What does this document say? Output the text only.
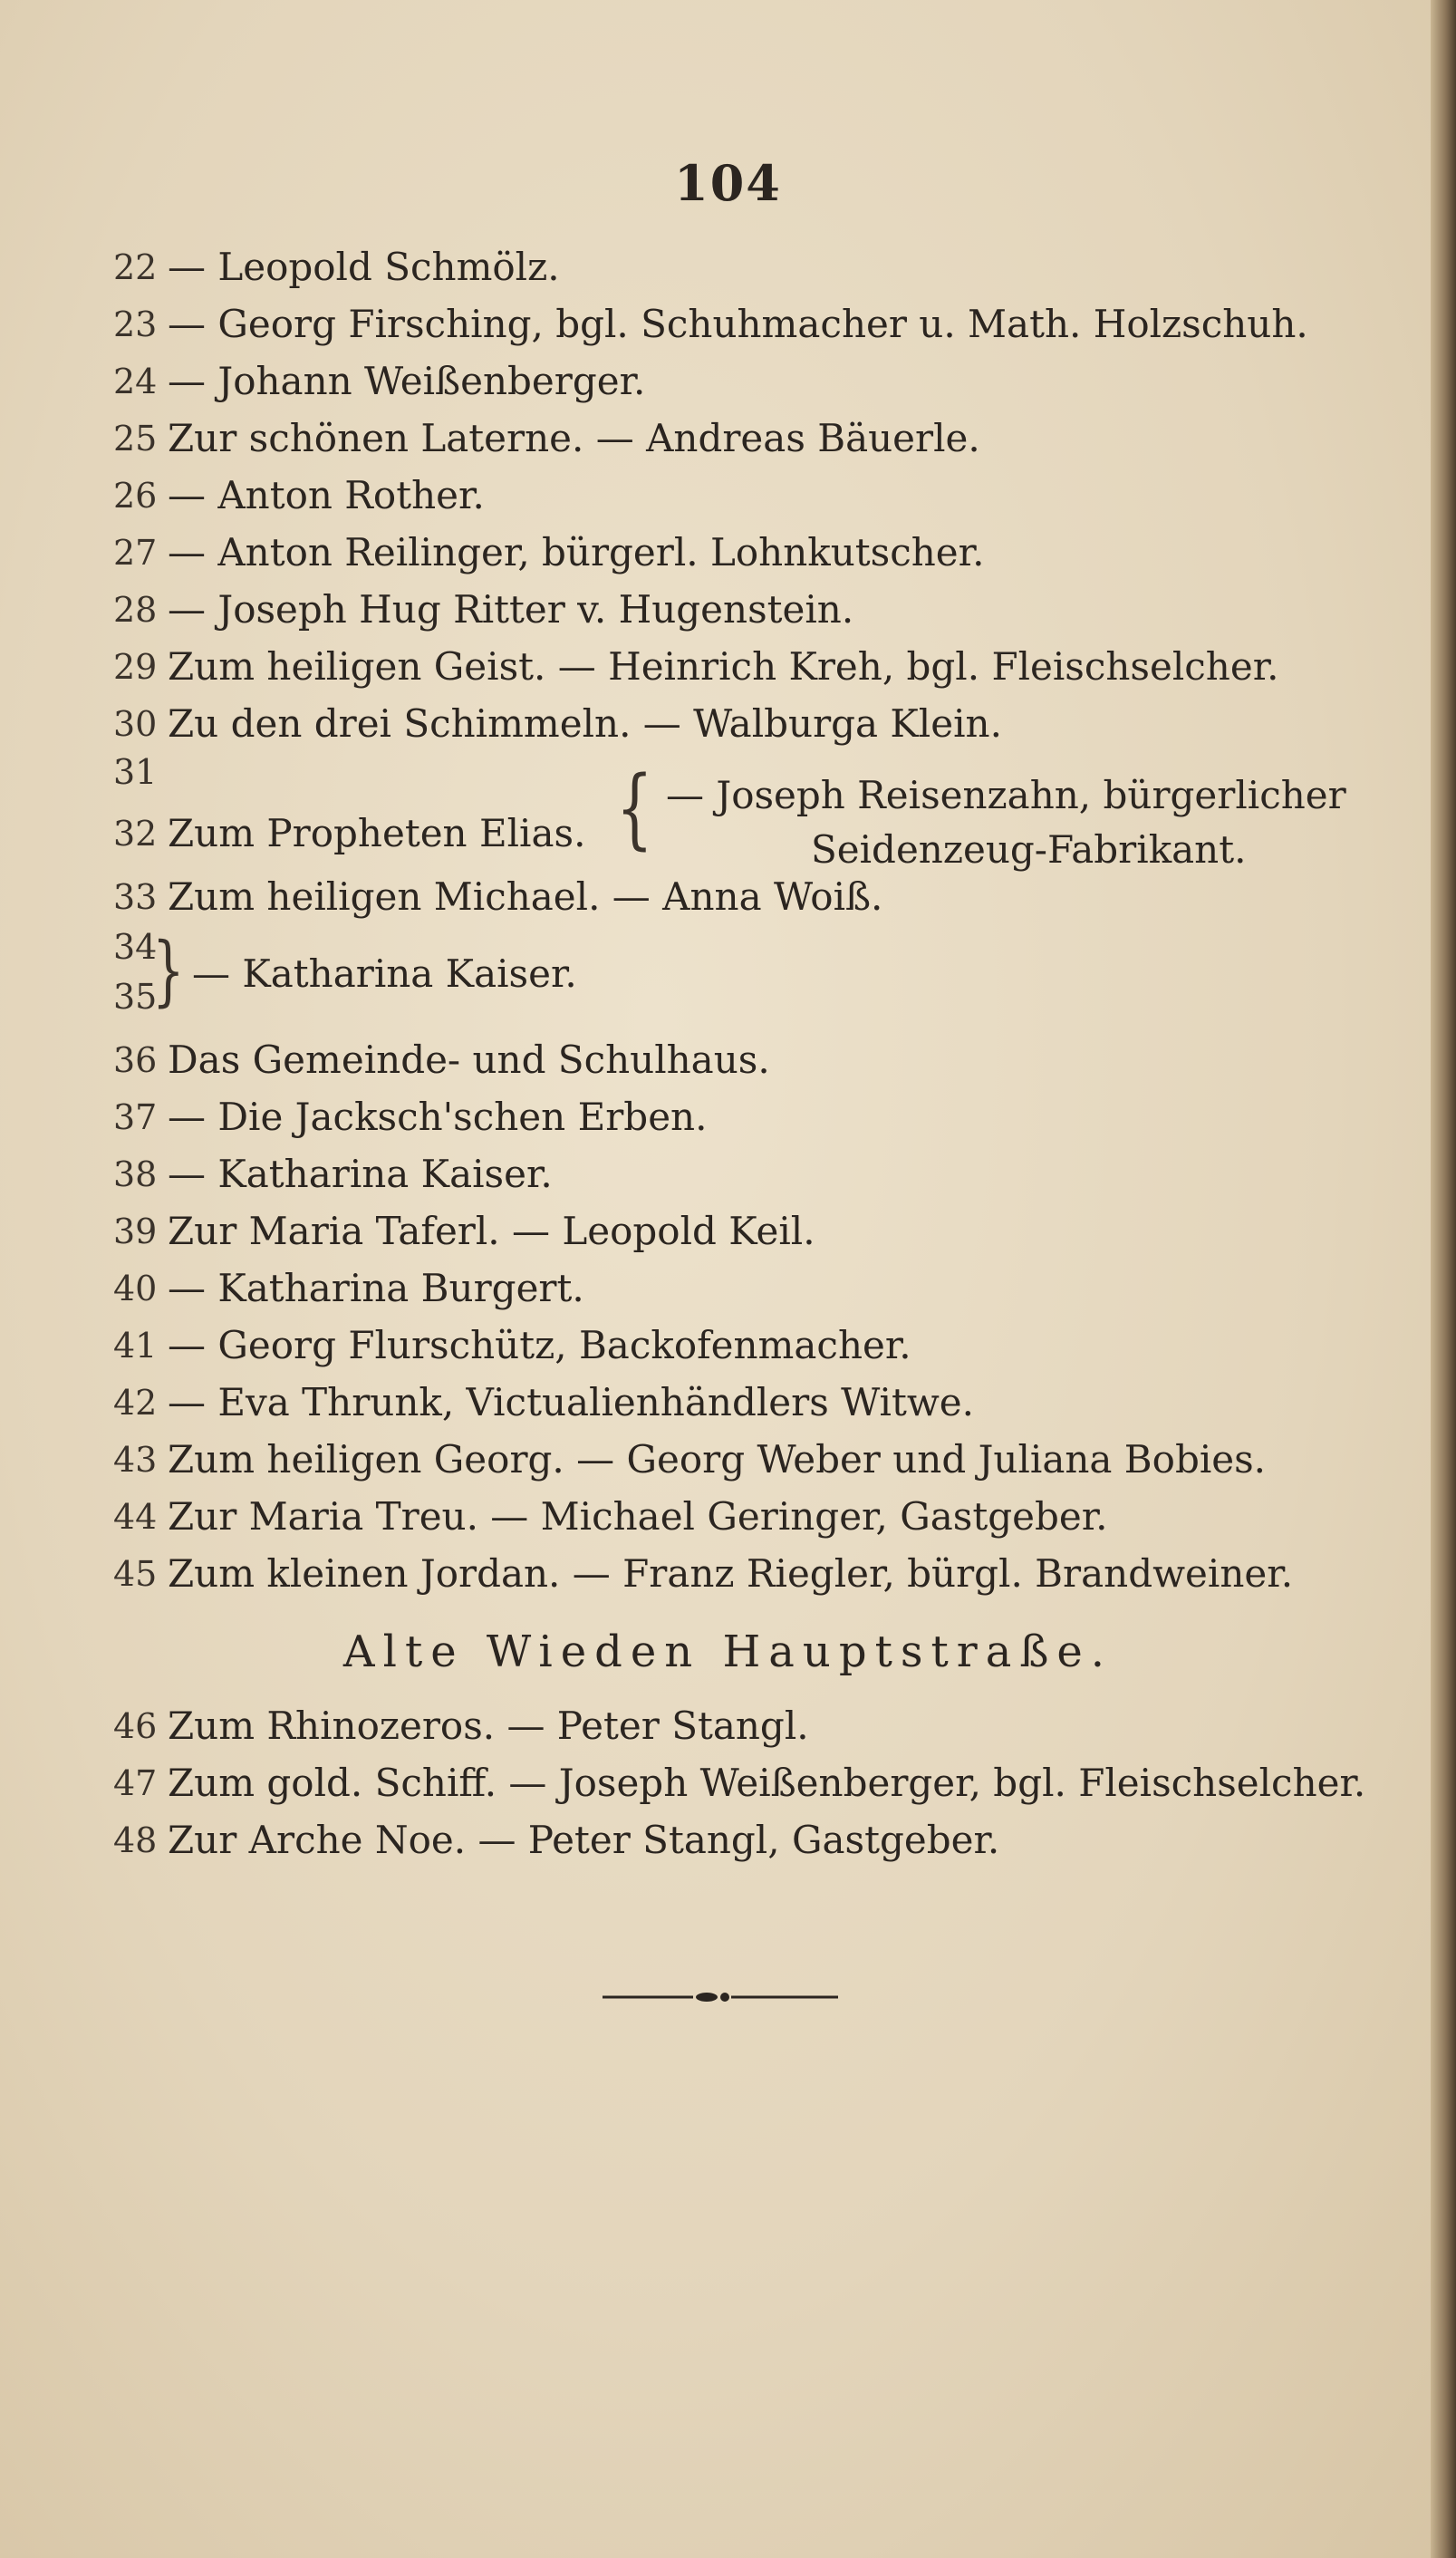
104
22 — Leopold Schmölz.
23 — Georg Firsching, bgl. Schuhmacher u. Math. Holzschuh.
24 — Johann Weißenberger.
25 Zur schönen Laterne. — Andreas Bäuerle.
26 — Anton Rother.
27 — Anton Reilinger, bürgerl. Lohnkutscher.
28 — Joseph Hug Ritter v. Hugenstein.
29 Zum heiligen Geist. — Heinrich Kreh, bgl. Fleischselcher.
30 Zu den drei Schimmeln. — Walburga Klein.
31
32 Zum Propheten Elias. { — Joseph Reisenzahn, bürgerlicher
Seidenzeug-Fabrikant.
33 Zum heiligen Michael. — Anna Woiß.
34
35
} — Katharina Kaiser.
36 Das Gemeinde- und Schulhaus.
37 — Die Jacksch'schen Erben.
38 — Katharina Kaiser.
39 Zur Maria Taferl. — Leopold Keil.
40 — Katharina Burgert.
41 — Georg Flurschütz, Backofenmacher.
42 — Eva Thrunk, Victualienhändlers Witwe.
43 Zum heiligen Georg. — Georg Weber und Juliana Bobies.
44 Zur Maria Treu. — Michael Geringer, Gastgeber.
45 Zum kleinen Jordan. — Franz Riegler, bürgl. Brandweiner.
Alte Wieden Hauptstraße.
46 Zum Rhinozeros. — Peter Stangl.
47 Zum gold. Schiff. — Joseph Weißenberger, bgl. Fleischselcher.
48 Zur Arche Noe. — Peter Stangl, Gastgeber.
